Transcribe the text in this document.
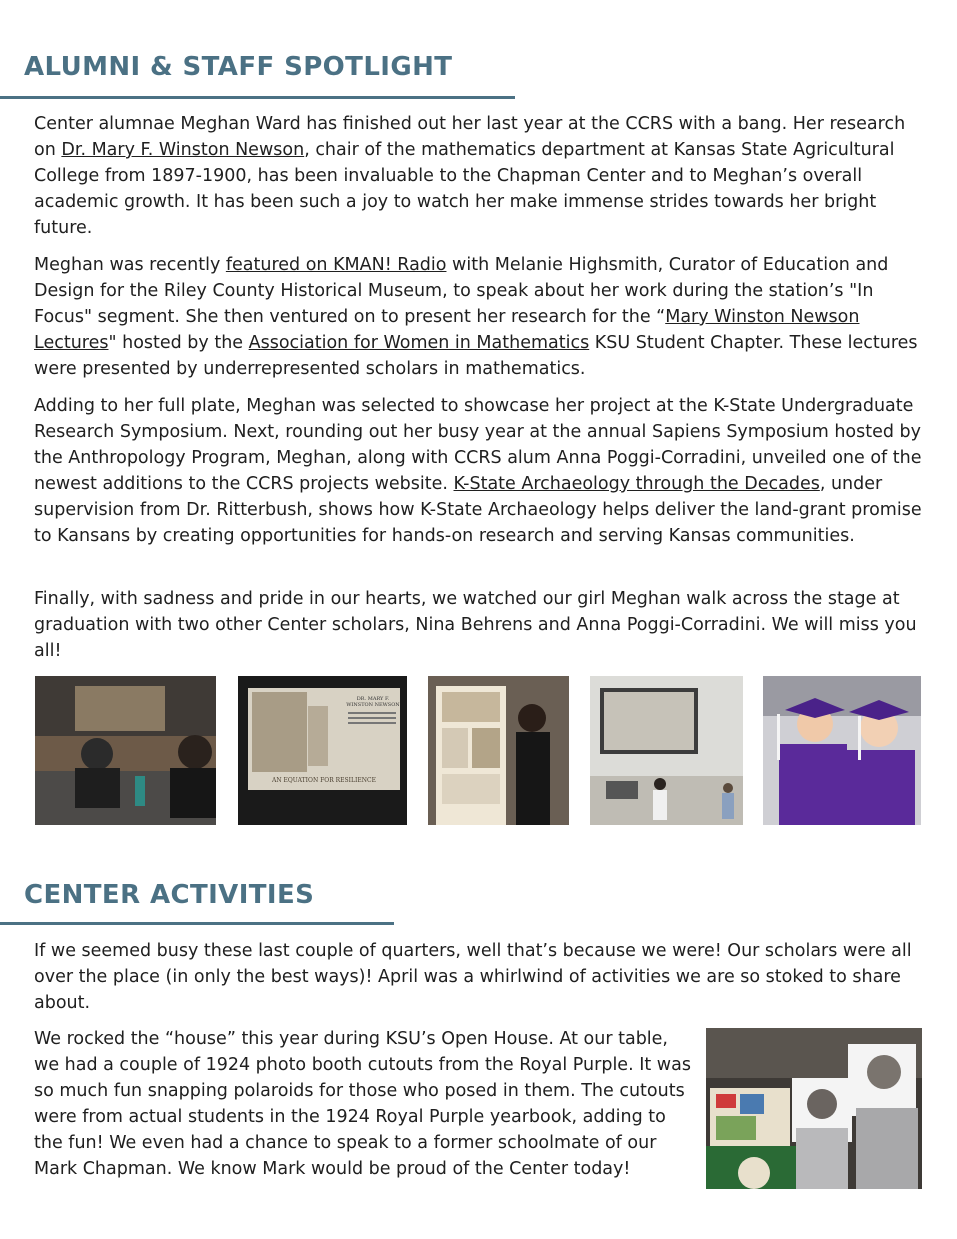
ALUMNI & STAFF SPOTLIGHT

Center alumnae Meghan Ward has finished out her last year at the CCRS with a bang. Her research on Dr. Mary F. Winston Newson, chair of the mathematics department at Kansas State Agricultural College from 1897-1900, has been invaluable to the Chapman Center and to Meghan’s overall academic growth. It has been such a joy to watch her make immense strides towards her bright future.

Meghan was recently featured on KMAN! Radio with Melanie Highsmith, Curator of Education and Design for the Riley County Historical Museum, to speak about her work during the station’s "In Focus" segment. She then ventured on to present her research for the “Mary Winston Newson Lectures" hosted by the Association for Women in Mathematics KSU Student Chapter. These lectures were presented by underrepresented scholars in mathematics.

Adding to her full plate, Meghan was selected to showcase her project at the K-State Undergraduate Research Symposium. Next, rounding out her busy year at the annual Sapiens Symposium hosted by the Anthropology Program, Meghan, along with CCRS alum Anna Poggi-Corradini, unveiled one of the newest additions to the CCRS projects website. K-State Archaeology through the Decades, under supervision from Dr. Ritterbush, shows how K-State Archaeology helps deliver the land-grant promise to Kansans by creating opportunities for hands-on research and serving Kansas communities.

Finally, with sadness and pride in our hearts, we watched our girl Meghan walk across the stage at graduation with two other Center scholars, Nina Behrens and Anna Poggi-Corradini. We will miss you all!

DR. MARY F.
WINSTON NEWSON
AN EQUATION FOR RESILIENCE
CENTER ACTIVITIES

If we seemed busy these last couple of quarters, well that’s because we were! Our scholars were all over the place (in only the best ways)! April was a whirlwind of activities we are so stoked to share about.

We rocked the “house” this year during KSU’s Open House. At our table, we had a couple of 1924 photo booth cutouts from the Royal Purple. It was so much fun snapping polaroids for those who posed in them. The cutouts were from actual students in the 1924 Royal Purple yearbook, adding to the fun! We even had a chance to speak to a former schoolmate of our Mark Chapman. We know Mark would be proud of the Center today!
